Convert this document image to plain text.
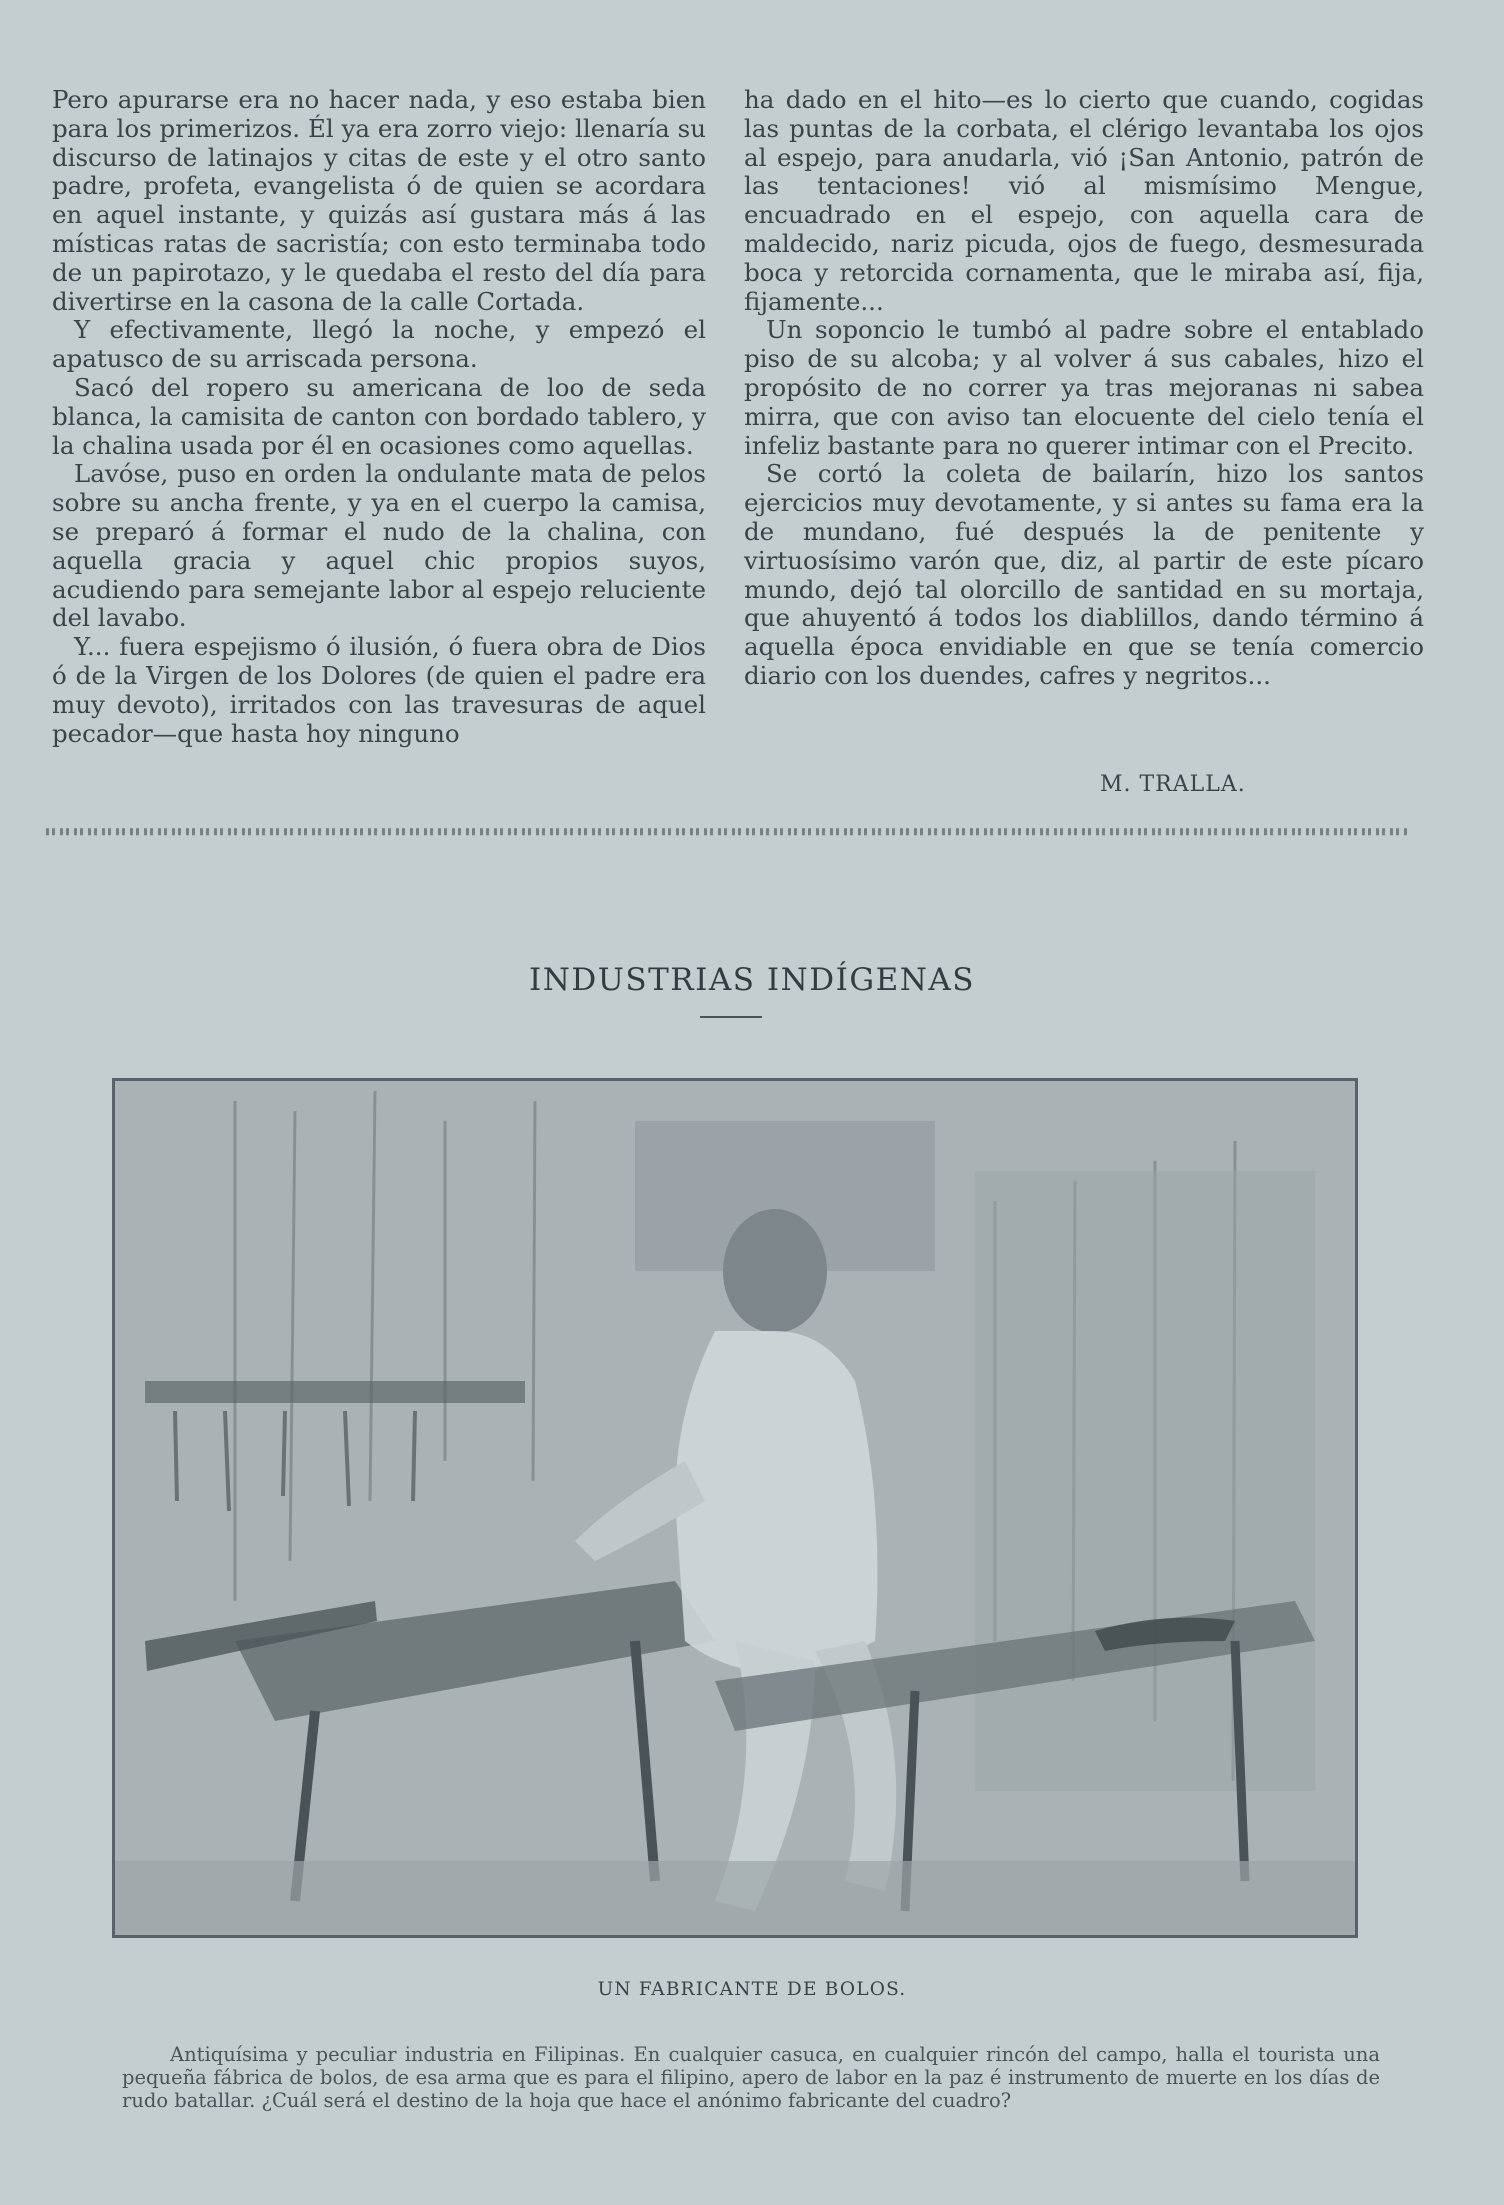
Pero apurarse era no hacer nada, y eso estaba bien para los primerizos. Él ya era zorro viejo: llenaría su discurso de latinajos y citas de este y el otro santo padre, profeta, evangelista ó de quien se acordara en aquel instante, y quizás así gustara más á las místicas ratas de sacristía; con esto terminaba todo de un papirotazo, y le quedaba el resto del día para divertirse en la casona de la calle Cortada.

Y efectivamente, llegó la noche, y empezó el apatusco de su arriscada persona.

Sacó del ropero su americana de loo de seda blanca, la camisita de canton con bordado tablero, y la chalina usada por él en ocasiones como aquellas.

Lavóse, puso en orden la ondulante mata de pelos sobre su ancha frente, y ya en el cuerpo la camisa, se preparó á formar el nudo de la chalina, con aquella gracia y aquel chic propios suyos, acudiendo para semejante labor al espejo reluciente del lavabo.

Y... fuera espejismo ó ilusión, ó fuera obra de Dios ó de la Virgen de los Dolores (de quien el padre era muy devoto), irritados con las travesuras de aquel pecador—que hasta hoy ninguno

ha dado en el hito—es lo cierto que cuando, cogidas las puntas de la corbata, el clérigo levantaba los ojos al espejo, para anudarla, vió ¡San Antonio, patrón de las tentaciones! vió al mismísimo Mengue, encuadrado en el espejo, con aquella cara de maldecido, nariz picuda, ojos de fuego, desmesurada boca y retorcida cornamenta, que le miraba así, fija, fijamente...

Un soponcio le tumbó al padre sobre el entablado piso de su alcoba; y al volver á sus cabales, hizo el propósito de no correr ya tras mejoranas ni sabea mirra, que con aviso tan elocuente del cielo tenía el infeliz bastante para no querer intimar con el Precito.

Se cortó la coleta de bailarín, hizo los santos ejercicios muy devotamente, y si antes su fama era la de mundano, fué después la de penitente y virtuosísimo varón que, diz, al partir de este pícaro mundo, dejó tal olorcillo de santidad en su mortaja, que ahuyentó á todos los diablillos, dando término á aquella época envidiable en que se tenía comercio diario con los duendes, cafres y negritos...

M. TRALLA.
INDUSTRIAS INDÍGENAS
UN FABRICANTE DE BOLOS.

Antiquísima y peculiar industria en Filipinas. En cualquier casuca, en cualquier rincón del campo, halla el tourista una pequeña fábrica de bolos, de esa arma que es para el filipino, apero de labor en la paz é instrumento de muerte en los días de rudo batallar. ¿Cuál será el destino de la hoja que hace el anónimo fabricante del cuadro?
